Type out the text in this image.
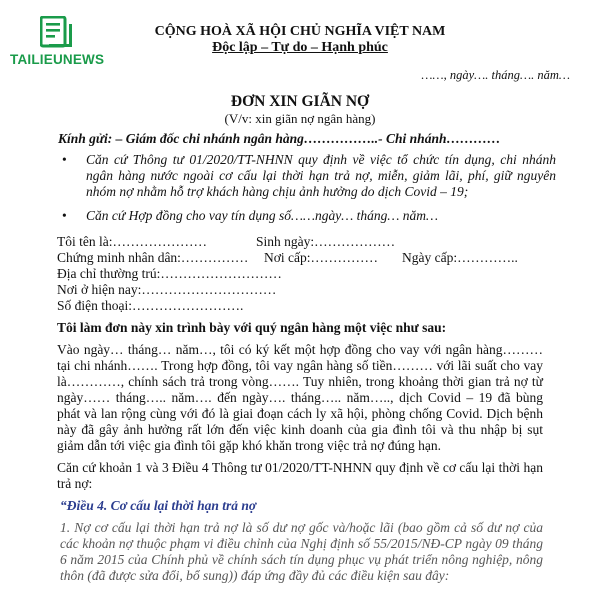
TAILIEUNEWS
CỘNG HOÀ XÃ HỘI CHỦ NGHĨA VIỆT NAM
Độc lập – Tự do – Hạnh phúc
……, ngày…. tháng…. năm…
ĐƠN XIN GIÃN NỢ
(V/v: xin giãn nợ ngân hàng)
Kính gửi: – Giám đốc chi nhánh ngân hàng……………..- Chi nhánh…………
•	Căn cứ Thông tư 01/2020/TT-NHNN quy định về việc tổ chức tín dụng, chi nhánh ngân hàng nước ngoài cơ cấu lại thời hạn trả nợ, miễn, giảm lãi, phí, giữ nguyên nhóm nợ nhằm hỗ trợ khách hàng chịu ảnh hưởng do dịch Covid – 19;
•	Căn cứ Hợp đồng cho vay tín dụng số……ngày… tháng… năm…
Tôi tên là:…………………	Sinh ngày:………………
Chứng minh nhân dân:…………… Nơi cấp:…………… Ngày cấp:…………..
Địa chỉ thường trú:………………………
Nơi ở hiện nay:…………………………
Số điện thoại:…………………….
Tôi làm đơn này xin trình bày với quý ngân hàng một việc như sau:
Vào ngày… tháng… năm…, tôi có ký kết một hợp đồng cho vay với ngân hàng……… tại chi nhánh……. Trong hợp đồng, tôi vay ngân hàng số tiền……… với lãi suất cho vay là…………, chính sách trả trong vòng……. Tuy nhiên, trong khoảng thời gian trả nợ từ ngày…… tháng….. năm…. đến ngày…. tháng….. năm….., dịch Covid – 19 đã bùng phát và lan rộng cùng với đó là giai đoạn cách ly xã hội, phòng chống Covid. Dịch bệnh này đã gây ảnh hưởng rất lớn đến việc kinh doanh của gia đình tôi và thu nhập bị sụt giảm dẫn tới việc gia đình tôi gặp khó khăn trong việc trả nợ đúng hạn.
Căn cứ khoản 1 và 3 Điều 4 Thông tư 01/2020/TT-NHNN quy định về cơ cấu lại thời hạn trả nợ:
“Điều 4. Cơ cấu lại thời hạn trả nợ
1. Nợ cơ cấu lại thời hạn trả nợ là số dư nợ gốc và/hoặc lãi (bao gồm cả số dư nợ của các khoản nợ thuộc phạm vi điều chỉnh của Nghị định số 55/2015/NĐ-CP ngày 09 tháng 6 năm 2015 của Chính phủ về chính sách tín dụng phục vụ phát triển nông nghiệp, nông thôn (đã được sửa đổi, bổ sung)) đáp ứng đầy đủ các điều kiện sau đây:
